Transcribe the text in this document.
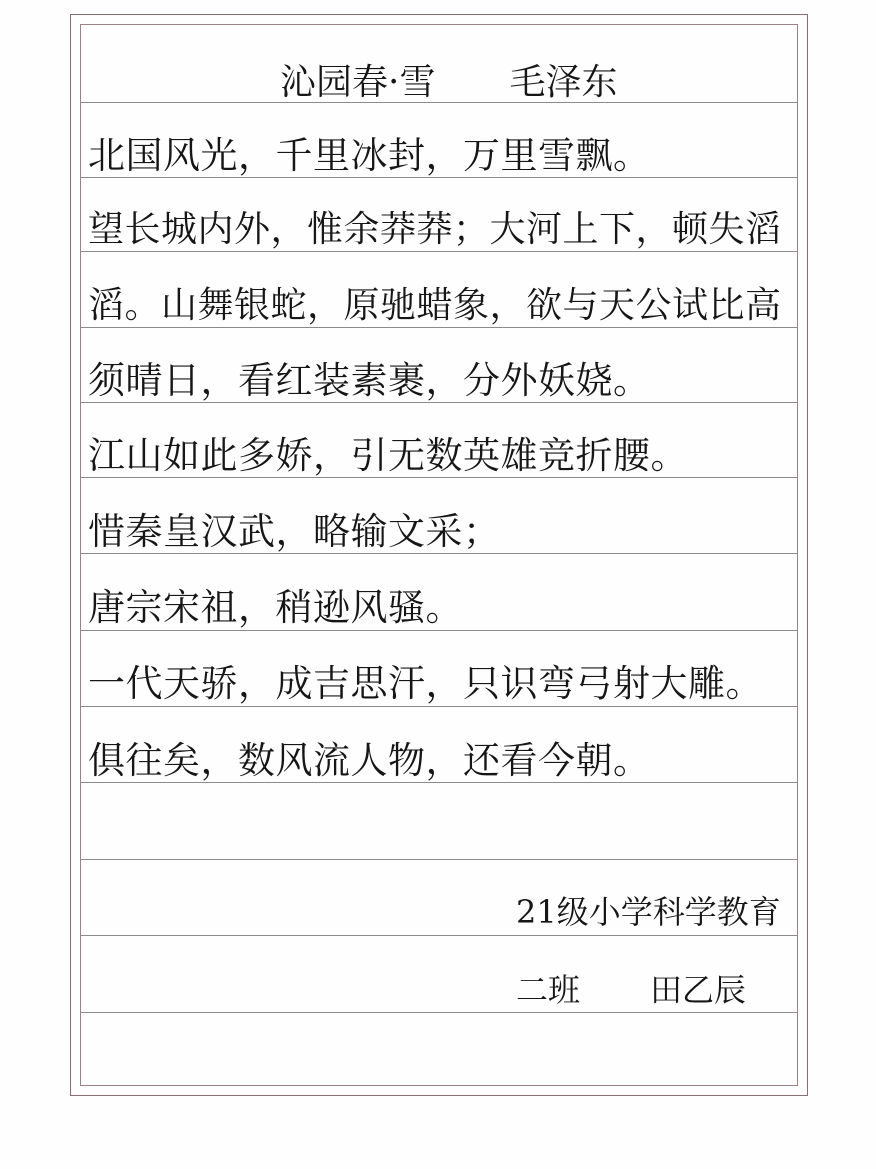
沁园春·雪 毛泽东
北国风光，千里冰封，万里雪飘。
望长城内外，惟余莽莽；大河上下，顿失滔
滔。山舞银蛇，原驰蜡象，欲与天公试比高
须晴日，看红装素裹，分外妖娆。
江山如此多娇，引无数英雄竞折腰。
惜秦皇汉武，略输文采；
唐宗宋祖，稍逊风骚。
一代天骄，成吉思汗，只识弯弓射大雕。
俱往矣，数风流人物，还看今朝。
21级小学科学教育
二班 田乙辰
